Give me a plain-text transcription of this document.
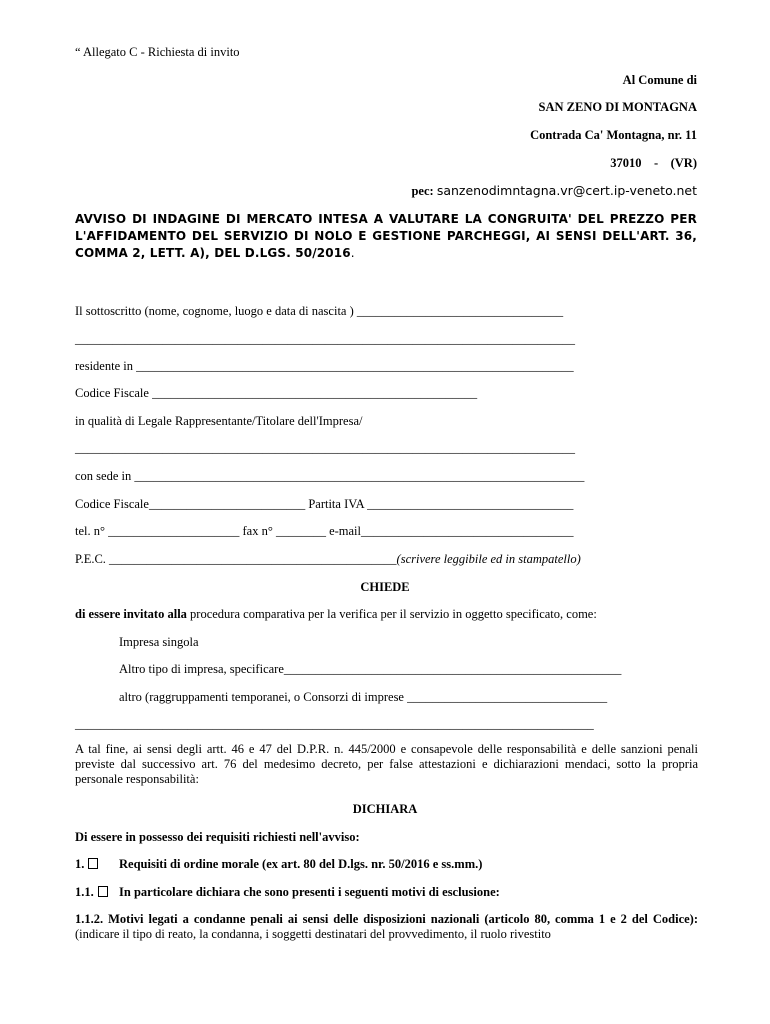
“ Allegato C - Richiesta di invito
Al Comune di
SAN ZENO DI MONTAGNA
Contrada Ca' Montagna, nr. 11
37010    -    (VR)
pec: sanzenodimntagna.vr@cert.ip-veneto.net
AVVISO DI INDAGINE DI MERCATO INTESA A VALUTARE LA CONGRUITA' DEL PREZZO PER L'AFFIDAMENTO DEL SERVIZIO DI NOLO E GESTIONE PARCHEGGI, AI SENSI DELL'ART. 36, COMMA 2, LETT. A), DEL D.LGS. 50/2016.
Il sottoscritto (nome, cognome, luogo e data di nascita ) _________________________________
________________________________________________________________________________
residente in ______________________________________________________________________
Codice Fiscale ____________________________________________________
in qualità di Legale Rappresentante/Titolare dell'Impresa/
________________________________________________________________________________
con sede in ________________________________________________________________________
Codice Fiscale_________________________ Partita IVA _________________________________
tel. n° _____________________ fax n° ________ e-mail__________________________________
P.E.C. ______________________________________________(scrivere leggibile ed in stampatello)
CHIEDE
di essere invitato alla procedura comparativa per la verifica per il servizio in oggetto specificato, come:
Impresa singola
Altro tipo di impresa, specificare______________________________________________________
altro (raggruppamenti temporanei, o Consorzi di imprese ________________________________
___________________________________________________________________________________
A tal fine, ai sensi degli artt. 46 e 47 del D.P.R. n. 445/2000 e consapevole delle responsabilità e delle sanzioni penali previste dal successivo art. 76 del medesimo decreto, per false attestazioni e dichiarazioni mendaci, sotto la propria personale responsabilità:
DICHIARA
Di essere in possesso dei requisiti richiesti nell'avviso:
1.	Requisiti di ordine morale (ex art. 80 del D.lgs. nr. 50/2016 e ss.mm.)
1.1. In particolare dichiara che sono presenti i seguenti motivi di esclusione:
1.1.2. Motivi legati a condanne penali ai sensi delle disposizioni nazionali (articolo 80, comma 1 e 2 del Codice): (indicare il tipo di reato, la condanna, i soggetti destinatari del provvedimento, il ruolo rivestito
